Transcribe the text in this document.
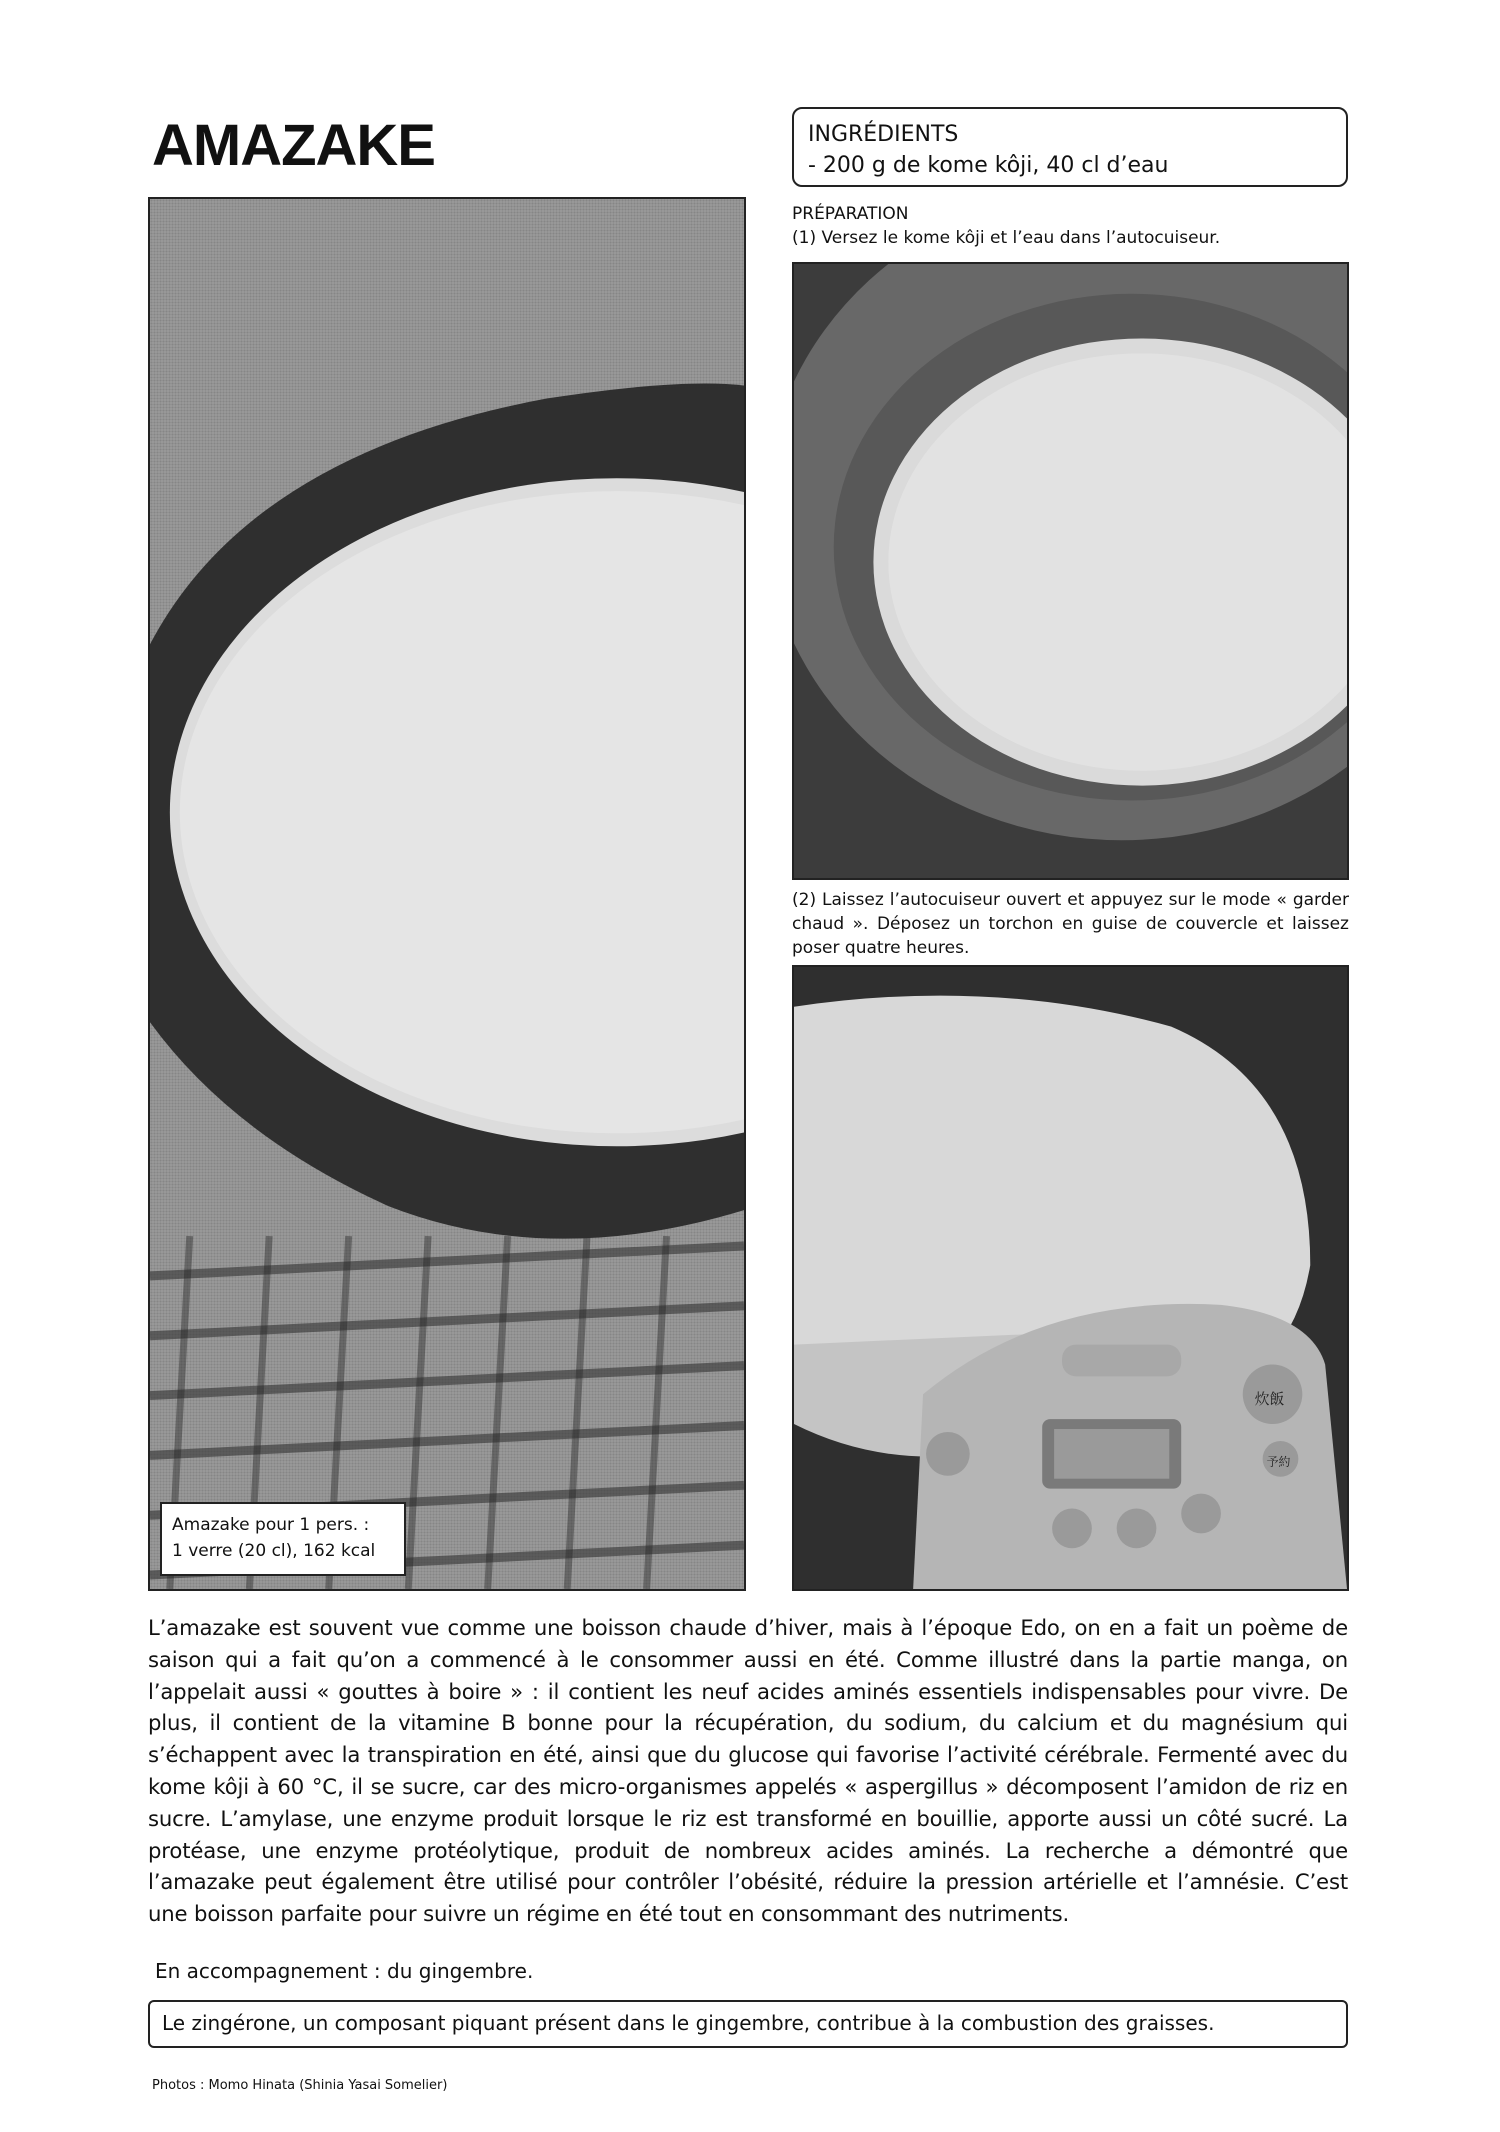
AMAZAKE	INGRÉDIENTS
- 200 g de kome kôji, 40 cl d’eau
PRÉPARATION
(1) Versez le kome kôji et l’eau dans l’autocuiseur.
Amazake pour 1 pers. :
1 verre (20 cl), 162 kcal
(2) Laissez l’autocuiseur ouvert et appuyez sur le mode « garder chaud ». Déposez un torchon en guise de couvercle et laissez poser quatre heures.
炊飯
予約
L’amazake est souvent vue comme une boisson chaude d’hiver, mais à l’époque Edo, on en a fait un poème de saison qui a fait qu’on a commencé à le consommer aussi en été. Comme illustré dans la partie manga, on l’appelait aussi « gouttes à boire » : il contient les neuf acides aminés essentiels indispensables pour vivre. De plus, il contient de la vitamine B bonne pour la récupération, du sodium, du calcium et du magnésium qui s’échappent avec la transpiration en été, ainsi que du glucose qui favorise l’activité cérébrale. Fermenté avec du kome kôji à 60 °C, il se sucre, car des micro-organismes appelés « aspergillus » décomposent l’amidon de riz en sucre. L’amylase, une enzyme produit lorsque le riz est transformé en bouillie, apporte aussi un côté sucré. La protéase, une enzyme protéolytique, produit de nombreux acides aminés. La recherche a démontré que l’amazake peut également être utilisé pour contrôler l’obésité, réduire la pression artérielle et l’amnésie. C’est une boisson parfaite pour suivre un régime en été tout en consommant des nutriments.
En accompagnement : du gingembre.
Le zingérone, un composant piquant présent dans le gingembre, contribue à la combustion des graisses.
Photos : Momo Hinata (Shinia Yasai Somelier)
